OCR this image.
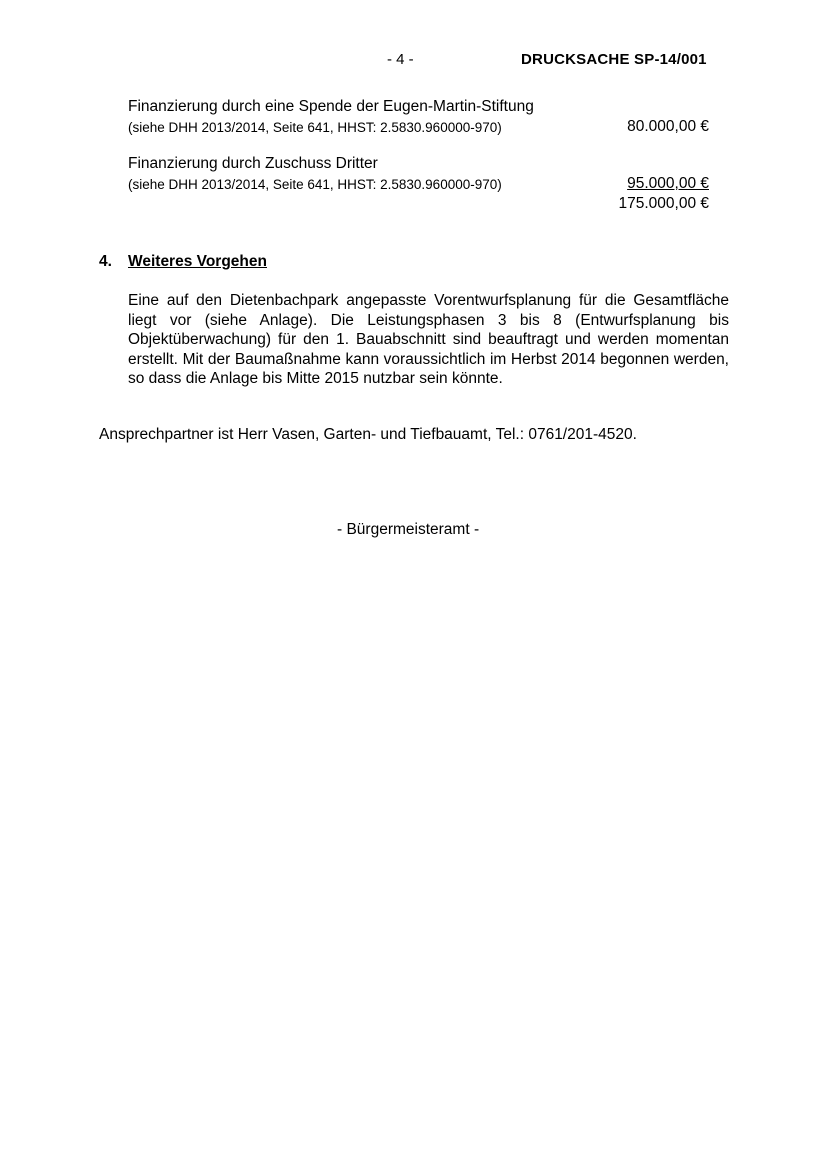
- 4 -	DRUCKSACHE SP-14/001
Finanzierung durch eine Spende der Eugen-Martin-Stiftung
(siehe DHH 2013/2014, Seite 641, HHST: 2.5830.960000-970)	80.000,00 €
Finanzierung durch Zuschuss Dritter
(siehe DHH 2013/2014, Seite 641, HHST: 2.5830.960000-970)	95.000,00 €
175.000,00 €
4. Weiteres Vorgehen
Eine auf den Dietenbachpark angepasste Vorentwurfsplanung für die Gesamtfläche liegt vor (siehe Anlage). Die Leistungsphasen 3 bis 8 (Entwurfsplanung bis Objektüberwachung) für den 1. Bauabschnitt sind beauftragt und werden momentan erstellt. Mit der Baumaßnahme kann voraussichtlich im Herbst 2014 begonnen werden, so dass die Anlage bis Mitte 2015 nutzbar sein könnte.
Ansprechpartner ist Herr Vasen, Garten- und Tiefbauamt, Tel.: 0761/201-4520.
- Bürgermeisteramt -
